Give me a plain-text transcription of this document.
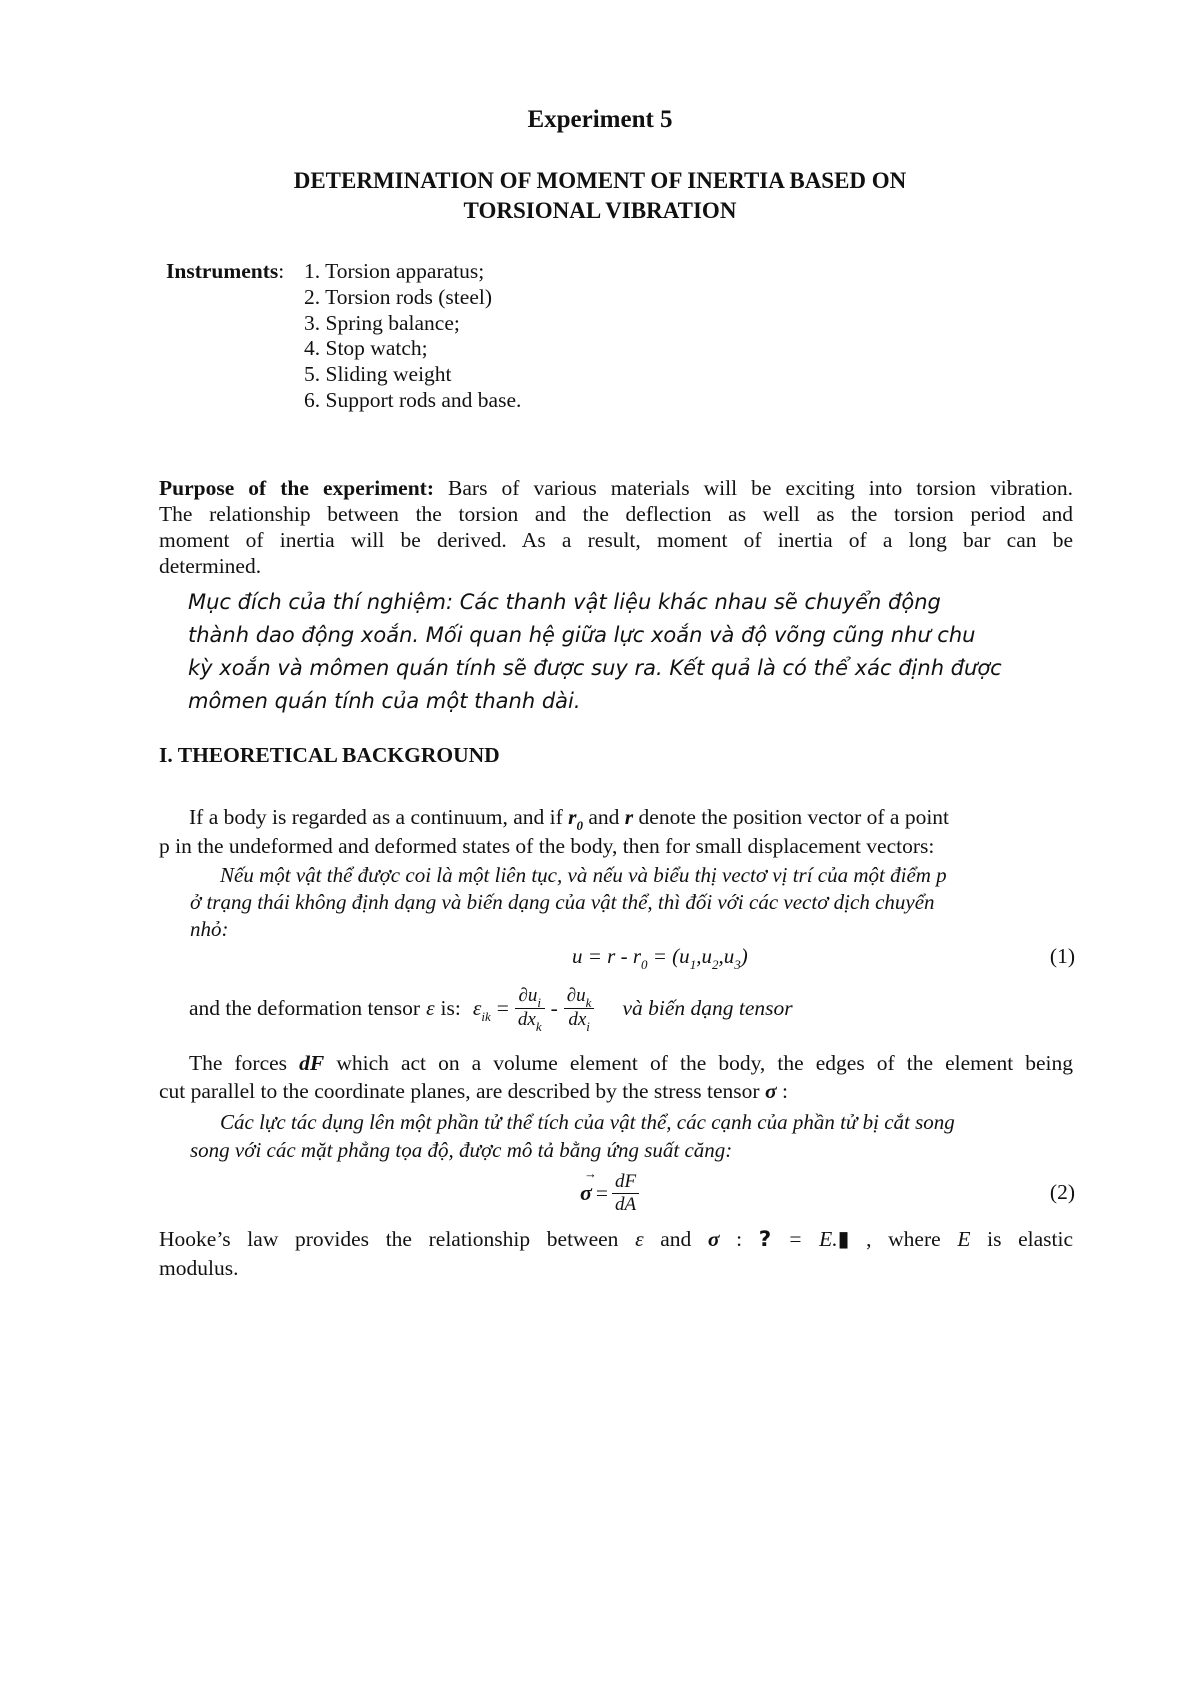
Experiment 5
DETERMINATION OF MOMENT OF INERTIA BASED ON
TORSIONAL VIBRATION
Instruments: 1. Torsion apparatus;
2. Torsion rods (steel)
3. Spring balance;
4. Stop watch;
5. Sliding weight
6. Support rods and base.
Purpose of the experiment: Bars of various materials will be exciting into torsion vibration.
The relationship between the torsion and the deflection as well as the torsion period and
moment of inertia will be derived. As a result, moment of inertia of a long bar can be
determined.
Mục đích của thí nghiệm: Các thanh vật liệu khác nhau sẽ chuyển động
thành dao động xoắn. Mối quan hệ giữa lực xoắn và độ võng cũng như chu
kỳ xoắn và mômen quán tính sẽ được suy ra. Kết quả là có thể xác định được
mômen quán tính của một thanh dài.
I. THEORETICAL BACKGROUND
If a body is regarded as a continuum, and if $r_0$ and r denote the position vector of a point
p in the undeformed and deformed states of the body, then for small displacement vectors:
Nếu một vật thể được coi là một liên tục, và nếu và biểu thị vectơ vị trí của một điểm p
ở trạng thái không định dạng và biến dạng của vật thể, thì đối với các vectơ dịch chuyển
nhỏ:
$u = r - r_0 = (u_1,u_2,u_3)$	(1)
and the deformation tensor ε is: $\varepsilon_{ik} = \frac{\partial u_i}{dx_k} - \frac{\partial u_k}{dx_i}$ và biến dạng tensor
The forces dF which act on a volume element of the body, the edges of the element being
cut parallel to the coordinate planes, are described by the stress tensor σ :
Các lực tác dụng lên một phần tử thể tích của vật thể, các cạnh của phần tử bị cắt song
song với các mặt phẳng tọa độ, được mô tả bằng ứng suất căng:
→
$\sigma = \frac{dF}{dA}$	(2)
Hooke’s law provides the relationship between ε and σ : ? = E.▮ , where E is elastic
modulus.
